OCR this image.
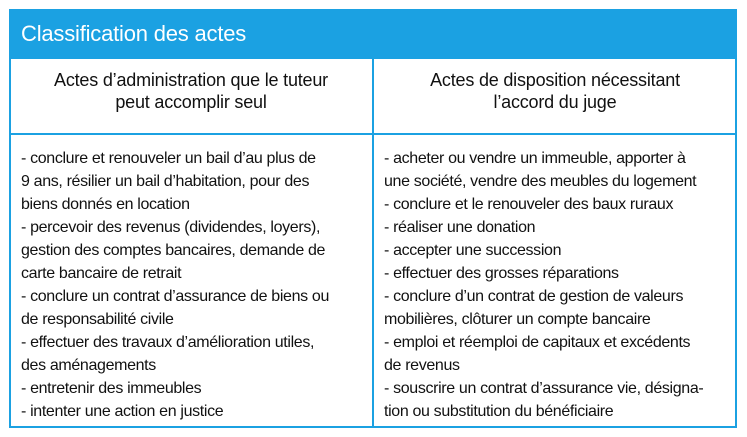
Classification des actes
Actes d’administration que le tuteur
peut accomplir seul
Actes de disposition nécessitant
l’accord du juge
- conclure et renouveler un bail d’au plus de
9 ans, résilier un bail d’habitation, pour des
biens donnés en location
- percevoir des revenus (dividendes, loyers),
gestion des comptes bancaires, demande de
carte bancaire de retrait
- conclure un contrat d’assurance de biens ou
de responsabilité civile
- effectuer des travaux d’amélioration utiles,
des aménagements
- entretenir des immeubles
- intenter une action en justice
- acheter ou vendre un immeuble, apporter à
une société, vendre des meubles du logement
- conclure et le renouveler des baux ruraux
- réaliser une donation
- accepter une succession
- effectuer des grosses réparations
- conclure d’un contrat de gestion de valeurs
mobilières, clôturer un compte bancaire
- emploi et réemploi de capitaux et excédents
de revenus
- souscrire un contrat d’assurance vie, désigna-
tion ou substitution du bénéficiaire
